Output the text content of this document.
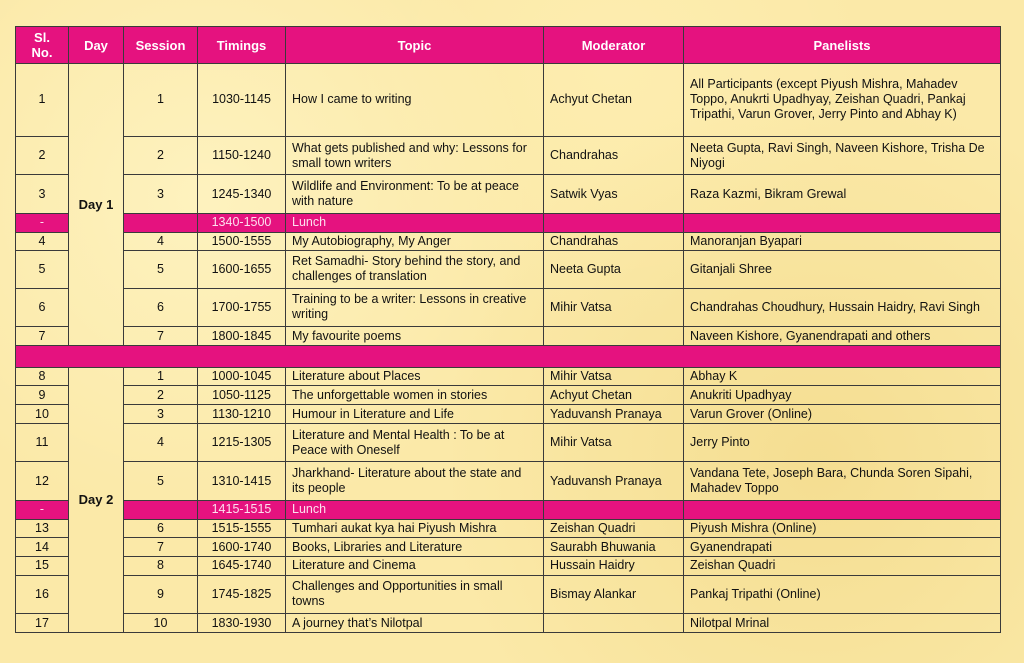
Sl. No.	Day	Session	Timings	Topic	Moderator	Panelists
1	Day 1	1	1030-1145	How I came to writing	Achyut Chetan	All Participants (except Piyush Mishra, Mahadev Toppo, Anukrti Upadhyay, Zeishan Quadri, Pankaj Tripathi, Varun Grover, Jerry Pinto and Abhay K)
2		2	1150-1240	What gets published and why: Lessons for small town writers	Chandrahas	Neeta Gupta, Ravi Singh, Naveen Kishore, Trisha De Niyogi
3		3	1245-1340	Wildlife and Environment: To be at peace with nature	Satwik Vyas	Raza Kazmi, Bikram Grewal
-			1340-1500	Lunch		
4		4	1500-1555	My Autobiography, My Anger	Chandrahas	Manoranjan Byapari
5		5	1600-1655	Ret Samadhi- Story behind the story, and challenges of translation	Neeta Gupta	Gitanjali Shree
6		6	1700-1755	Training to be a writer: Lessons in creative writing	Mihir Vatsa	Chandrahas Choudhury, Hussain Haidry, Ravi Singh
7		7	1800-1845	My favourite poems		Naveen Kishore, Gyanendrapati and others

8	Day 2	1	1000-1045	Literature about Places	Mihir Vatsa	Abhay K
9		2	1050-1125	The unforgettable women in stories	Achyut Chetan	Anukriti Upadhyay
10		3	1130-1210	Humour in Literature and Life	Yaduvansh Pranaya	Varun Grover (Online)
11		4	1215-1305	Literature and Mental Health : To be at Peace with Oneself	Mihir Vatsa	Jerry Pinto
12		5	1310-1415	Jharkhand- Literature about the state and its people	Yaduvansh Pranaya	Vandana Tete, Joseph Bara, Chunda Soren Sipahi, Mahadev Toppo
-			1415-1515	Lunch		
13		6	1515-1555	Tumhari aukat kya hai Piyush Mishra	Zeishan Quadri	Piyush Mishra (Online)
14		7	1600-1740	Books, Libraries and Literature	Saurabh Bhuwania	Gyanendrapati
15		8	1645-1740	Literature and Cinema	Hussain Haidry	Zeishan Quadri
16		9	1745-1825	Challenges and Opportunities in small towns	Bismay Alankar	Pankaj Tripathi (Online)
17		10	1830-1930	A journey that’s Nilotpal		Nilotpal Mrinal
